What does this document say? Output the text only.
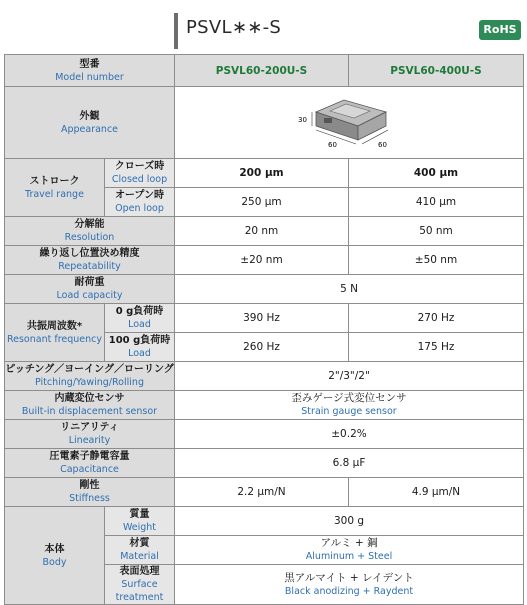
PSVL∗∗-S	RoHS
型番
Model number		PSVL60-200U-S	PSVL60-400U-S

外観
Appearance		30
60 60	

ストローク
Travel range	クローズ時
Closed loop	200 μm	400 μm

	オープン時
Open loop	250 μm	410 μm

分解能
Resolution		20 nm	50 nm

繰り返し位置決め精度
Repeatability		±20 nm	±50 nm

耐荷重
Load capacity		5 N	

共振周波数*
Resonant frequency	0 g負荷時
Load	390 Hz	270 Hz

	100 g負荷時
Load	260 Hz	175 Hz

ピッチング／ヨーイング／ローリング
Pitching/Yawing/Rolling		2"/3"/2"	

内蔵変位センサ
Built-in displacement sensor		歪みゲージ式変位センサ
Strain gauge sensor	

リニアリティ
Linearity		±0.2%	

圧電素子静電容量
Capacitance		6.8 μF	

剛性
Stiffness		2.2 μm/N	4.9 μm/N

本体
Body	質量
Weight	300 g	

	材質
Material	アルミ + 鋼
Aluminum + Steel	

	表面処理
Surface treatment	黒アルマイト + レイデント
Black anodizing + Raydent	
